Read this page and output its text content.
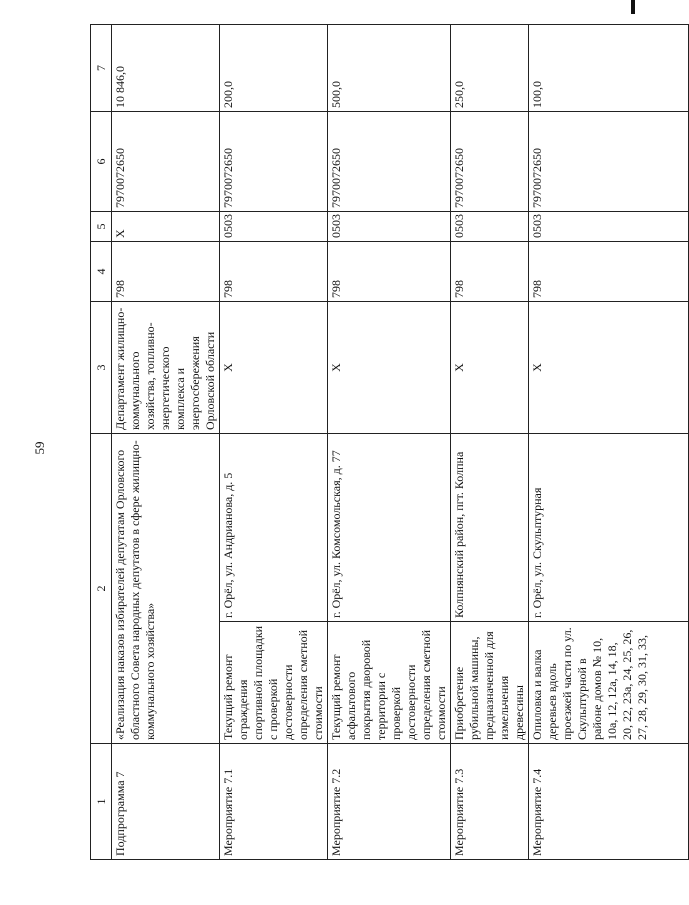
59
1	2		3	4	5	6	7
Подпрограмма 7	«Реализация наказов избирателей депутатам Орловского областного Совета народных депутатов в сфере жилищно-коммунального хозяйства»		Департамент жилищно-коммунального хозяйства, топливно-энергетического комплекса и энергосбережения Орловской области	798	X	7970072650	10 846,0
Мероприятие 7.1	Текущий ремонт ограждения спортивной площадки с проверкой достоверности определения сметной стоимости	г. Орёл, ул. Андрианова, д. 5	X	798	0503	7970072650	200,0
Мероприятие 7.2	Текущий ремонт асфальтового покрытия дворовой территории с проверкой достоверности определения сметной стоимости	г. Орёл, ул. Комсомольская, д. 77	X	798	0503	7970072650	500,0
Мероприятие 7.3	Приобретение рубильной машины, предназначенной для измельчения древесины	Колпнянский район, пгт. Колпна	X	798	0503	7970072650	250,0
Мероприятие 7.4	Опиловка и валка деревьев вдоль проезжей части по ул. Скульптурной в районе домов № 10, 10а, 12, 12а, 14, 18, 20, 22, 23а, 24, 25, 26, 27, 28, 29, 30, 31, 33,	г. Орёл, ул. Скульптурная	X	798	0503	7970072650	100,0
